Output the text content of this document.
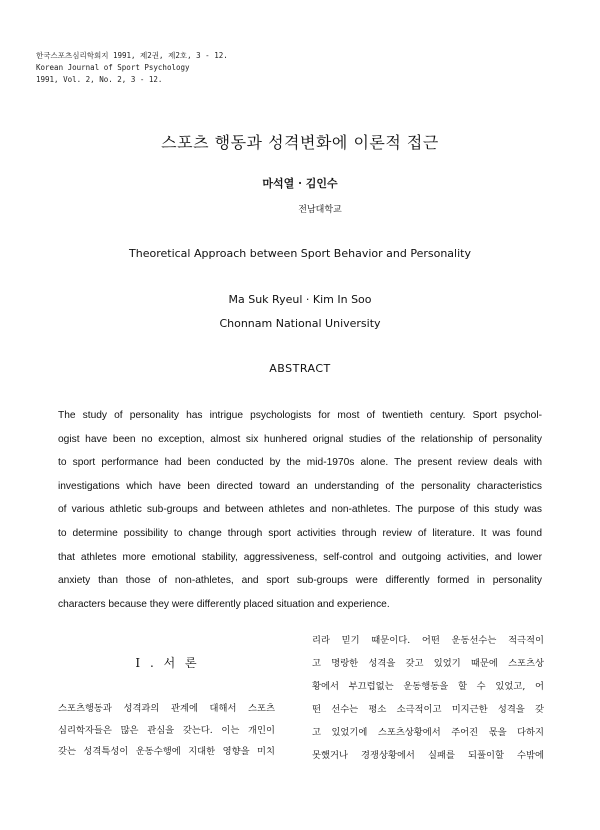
한국스포츠심리학회지 1991, 제2권, 제2호, 3 - 12.
Korean Journal of Sport Psychology
1991, Vol. 2, No. 2, 3 - 12.
스포츠 행동과 성격변화에 이론적 접근
마석열 · 김인수
전남대학교
Theoretical Approach between Sport Behavior and Personality
Ma Suk Ryeul · Kim In Soo
Chonnam National University
ABSTRACT
The study of personality has intrigue psychologists for most of twentieth century. Sport psychol-
ogist have been no exception, almost six hunhered orignal studies of the relationship of personality
to sport performance had been conducted by the mid-1970s alone. The present review deals with
investigations which have been directed toward an understanding of the personality characteristics
of various athletic sub-groups and between athletes and non-athletes. The purpose of this study was
to determine possibility to change through sport activities through review of literature. It was found
that athletes more emotional stability, aggressiveness, self-control and outgoing activities, and lower
anxiety than those of non-athletes, and sport sub-groups were differently formed in personality
characters because they were differently placed situation and experience.
I . 서 론
스포츠행동과 성격과의 관계에 대해서 스포츠
심리학자들은 많은 관심을 갖는다. 이는 개인이
갖는 성격특성이 운동수행에 지대한 영향을 미치
리라 믿기 때문이다. 어떤 운동선수는 적극적이
고 명랑한 성격을 갖고 있었기 때문에 스포츠상
황에서 부끄럽없는 운동행동을 할 수 있었고, 어
떤 선수는 평소 소극적이고 미지근한 성격을 갖
고 있었기에 스포츠상황에서 주어진 몫을 다하지
못했거나 경쟁상황에서 실패를 되풀이할 수밖에
